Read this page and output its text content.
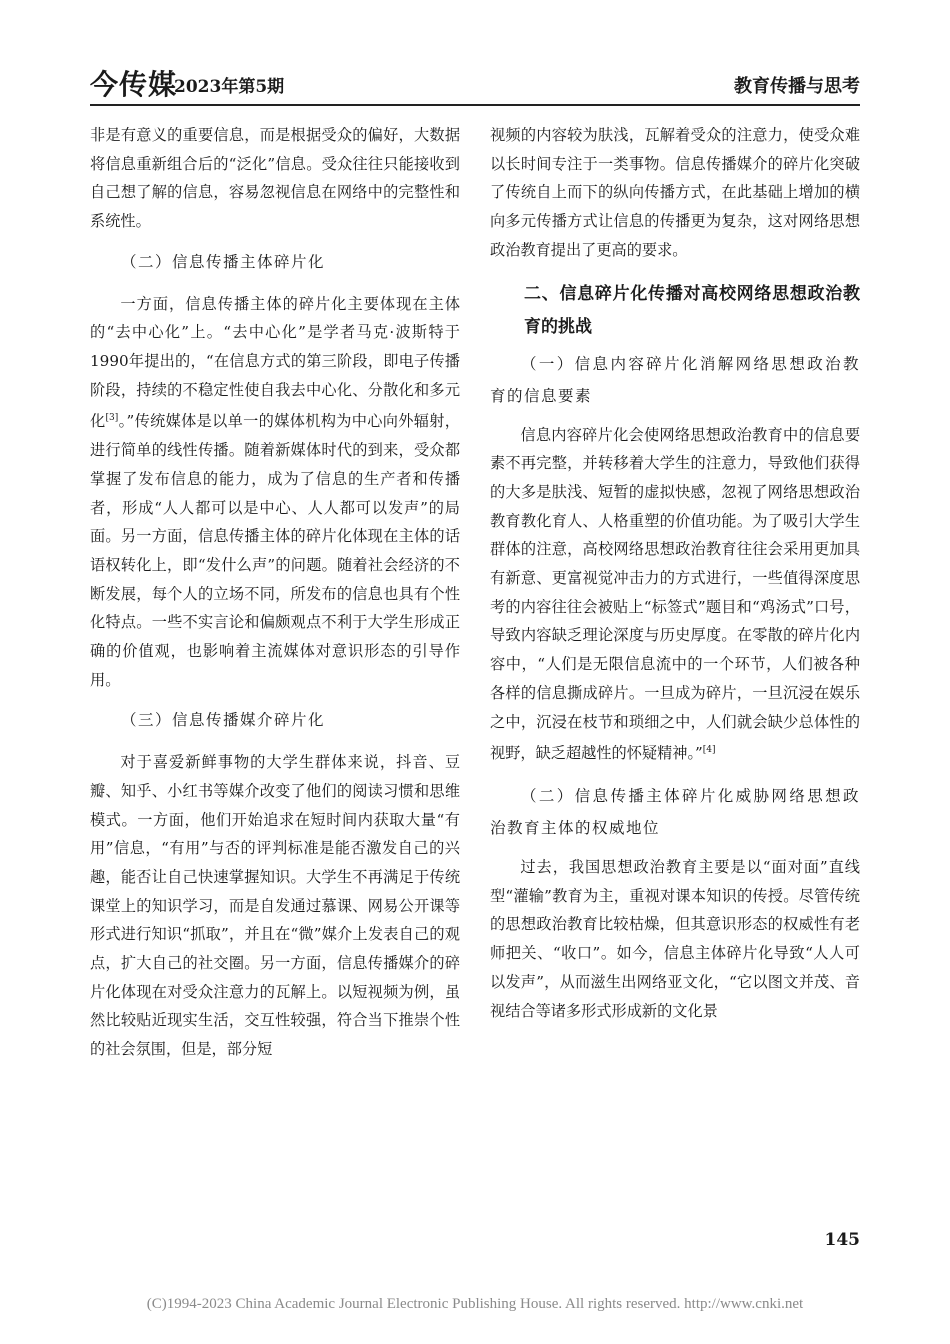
今传媒
2023年第5期	教育传播与思考

非是有意义的重要信息，而是根据受众的偏好，大数据将信息重新组合后的“泛化”信息。受众往往只能接收到自己想了解的信息，容易忽视信息在网络中的完整性和系统性。

（二）信息传播主体碎片化

一方面，信息传播主体的碎片化主要体现在主体的“去中心化”上。“去中心化”是学者马克·波斯特于1990年提出的，“在信息方式的第三阶段，即电子传播阶段，持续的不稳定性使自我去中心化、分散化和多元化[3]。”传统媒体是以单一的媒体机构为中心向外辐射，进行简单的线性传播。随着新媒体时代的到来，受众都掌握了发布信息的能力，成为了信息的生产者和传播者，形成“人人都可以是中心、人人都可以发声”的局面。另一方面，信息传播主体的碎片化体现在主体的话语权转化上，即“发什么声”的问题。随着社会经济的不断发展，每个人的立场不同，所发布的信息也具有个性化特点。一些不实言论和偏颇观点不利于大学生形成正确的价值观，也影响着主流媒体对意识形态的引导作用。

（三）信息传播媒介碎片化

对于喜爱新鲜事物的大学生群体来说，抖音、豆瓣、知乎、小红书等媒介改变了他们的阅读习惯和思维模式。一方面，他们开始追求在短时间内获取大量“有用”信息，“有用”与否的评判标准是能否激发自己的兴趣，能否让自己快速掌握知识。大学生不再满足于传统课堂上的知识学习，而是自发通过慕课、网易公开课等形式进行知识“抓取”，并且在“微”媒介上发表自己的观点，扩大自己的社交圈。另一方面，信息传播媒介的碎片化体现在对受众注意力的瓦解上。以短视频为例，虽然比较贴近现实生活，交互性较强，符合当下推崇个性的社会氛围，但是，部分短

视频的内容较为肤浅，瓦解着受众的注意力，使受众难以长时间专注于一类事物。信息传播媒介的碎片化突破了传统自上而下的纵向传播方式，在此基础上增加的横向多元传播方式让信息的传播更为复杂，这对网络思想政治教育提出了更高的要求。

二、信息碎片化传播对高校网络思想政治教育的挑战
（一）信息内容碎片化消解网络思想政治教育的信息要素

信息内容碎片化会使网络思想政治教育中的信息要素不再完整，并转移着大学生的注意力，导致他们获得的大多是肤浅、短暂的虚拟快感，忽视了网络思想政治教育教化育人、人格重塑的价值功能。为了吸引大学生群体的注意，高校网络思想政治教育往往会采用更加具有新意、更富视觉冲击力的方式进行，一些值得深度思考的内容往往会被贴上“标签式”题目和“鸡汤式”口号，导致内容缺乏理论深度与历史厚度。在零散的碎片化内容中，“人们是无限信息流中的一个环节，人们被各种各样的信息撕成碎片。一旦成为碎片，一旦沉浸在娱乐之中，沉浸在枝节和琐细之中，人们就会缺少总体性的视野，缺乏超越性的怀疑精神。”[4]

（二）信息传播主体碎片化威胁网络思想政治教育主体的权威地位

过去，我国思想政治教育主要是以“面对面”直线型“灌输”教育为主，重视对课本知识的传授。尽管传统的思想政治教育比较枯燥，但其意识形态的权威性有老师把关、“收口”。如今，信息主体碎片化导致“人人可以发声”，从而滋生出网络亚文化，“它以图文并茂、音视结合等诸多形式形成新的文化景

145
(C)1994-2023 China Academic Journal Electronic Publishing House. All rights reserved. http://www.cnki.net
